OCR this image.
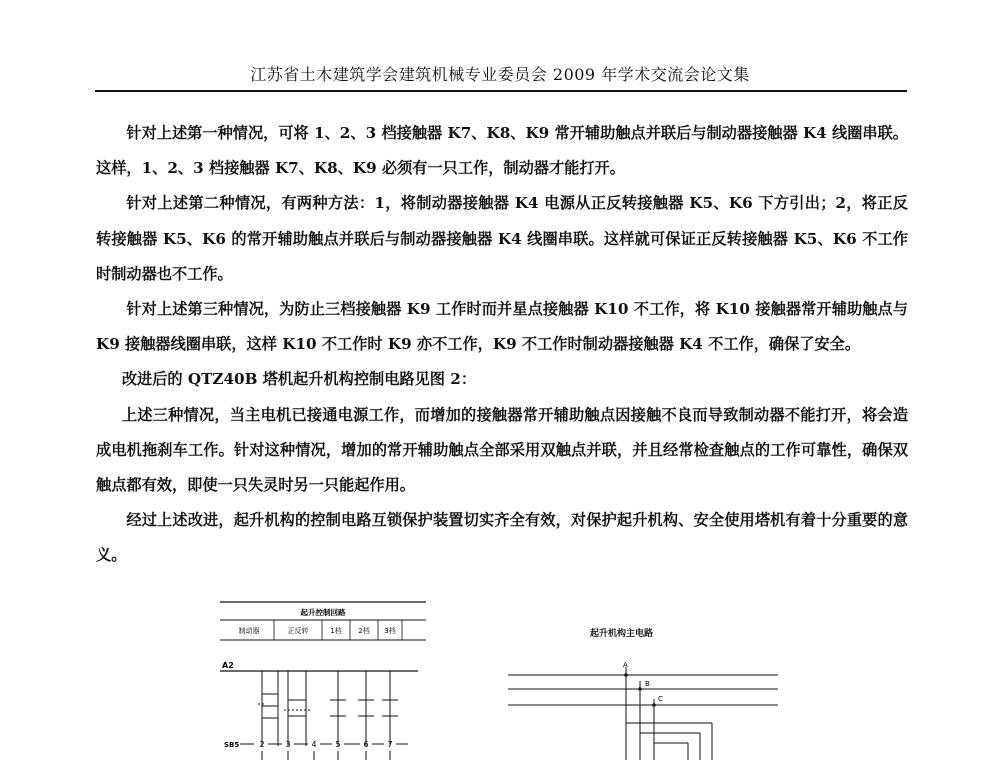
江苏省土木建筑学会建筑机械专业委员会 2009 年学术交流会论文集

针对上述第一种情况，可将 1、2、3 档接触器 K7、K8、K9 常开辅助触点并联后与制动器接触器 K4 线圈串联。这样，1、2、3 档接触器 K7、K8、K9 必须有一只工作，制动器才能打开。

针对上述第二种情况，有两种方法：1，将制动器接触器 K4 电源从正反转接触器 K5、K6 下方引出；2，将正反转接触器 K5、K6 的常开辅助触点并联后与制动器接触器 K4 线圈串联。这样就可保证正反转接触器 K5、K6 不工作时制动器也不工作。

针对上述第三种情况，为防止三档接触器 K9 工作时而并星点接触器 K10 不工作，将 K10 接触器常开辅助触点与 K9 接触器线圈串联，这样 K10 不工作时 K9 亦不工作，K9 不工作时制动器接触器 K4 不工作，确保了安全。

改进后的 QTZ40B 塔机起升机构控制电路见图 2：

上述三种情况，当主电机已接通电源工作，而增加的接触器常开辅助触点因接触不良而导致制动器不能打开，将会造成电机拖刹车工作。针对这种情况，增加的常开辅助触点全部采用双触点并联，并且经常检查触点的工作可靠性，确保双触点都有效，即使一只失灵时另一只能起作用。

经过上述改进，起升机构的控制电路互锁保护装置切实齐全有效，对保护起升机构、安全使用塔机有着十分重要的意义。

起升控制回路
制动器	正反转	1档 2档 3档
A2
SB5	2	3	4 5	6 7
起升机构主电路
A
B
C
